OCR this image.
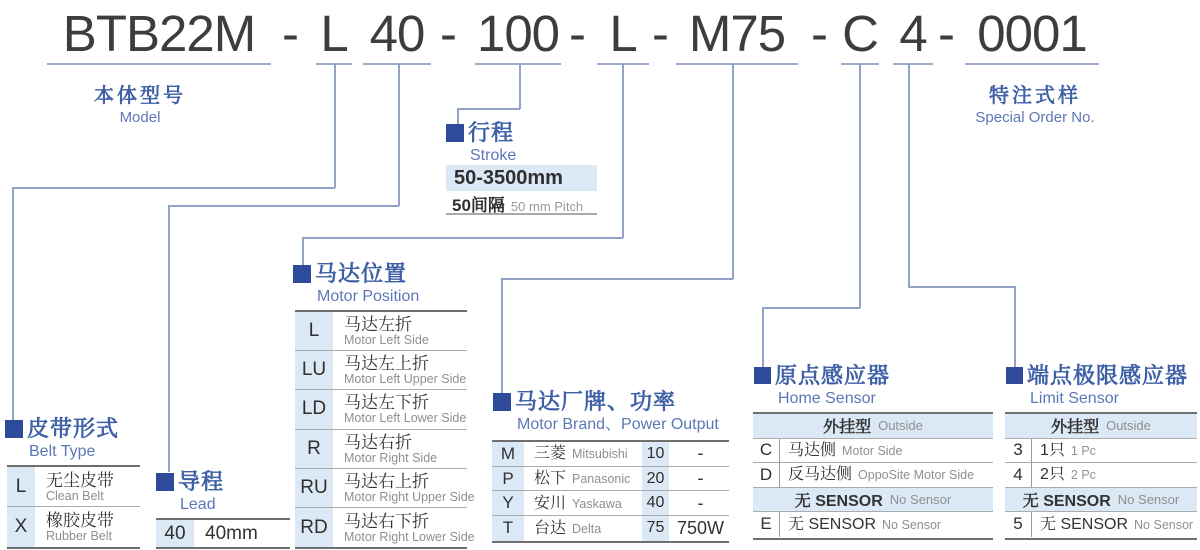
BTB22M - L 40 - 100 - L - M75 - C 4 - 0001
本体型号
Model
特注式样
Special Order No.
行程
Stroke
50-3500mm
50间隔 50 mm Pitch
皮带形式
Belt Type
L	无尘皮带
Clean Belt
X	橡胶皮带
Rubber Belt
导程
Lead
40	40mm
马达位置
Motor Position
L	马达左折
Motor Left Side
LU	马达左上折
Motor Left Upper Side
LD	马达左下折
Motor Left Lower Side
R	马达右折
Motor Right Side
RU 马达右上折
Motor Right Upper Side
RD 马达右下折
Motor Right Lower Side
马达厂牌、功率
Motor Brand、Power Output
M	三菱 Mitsubishi 10	-
P	松下 Panasonic 20	-
Y	安川 Yaskawa 40	-
T	台达 Delta	75 750W
原点感应器
Home Sensor
外挂型 Outside
C 马达侧 Motor Side
D 反马达侧 OppoSite Motor Side
无 SENSOR No Sensor
E	无 SENSOR No Sensor
端点极限感应器
Limit Sensor
外挂型 Outside
3	1只 1 Pc
4	2只 2 Pc
无 SENSOR No Sensor
5	无 SENSOR No Sensor
